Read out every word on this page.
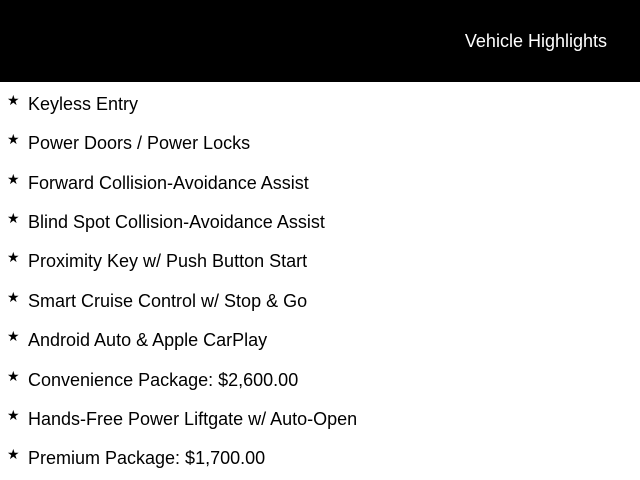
Vehicle Highlights
★ Keyless Entry
★ Power Doors / Power Locks
★ Forward Collision-Avoidance Assist
★ Blind Spot Collision-Avoidance Assist
★ Proximity Key w/ Push Button Start
★ Smart Cruise Control w/ Stop & Go
★ Android Auto & Apple CarPlay
★ Convenience Package: $2,600.00
★ Hands-Free Power Liftgate w/ Auto-Open
★ Premium Package: $1,700.00
